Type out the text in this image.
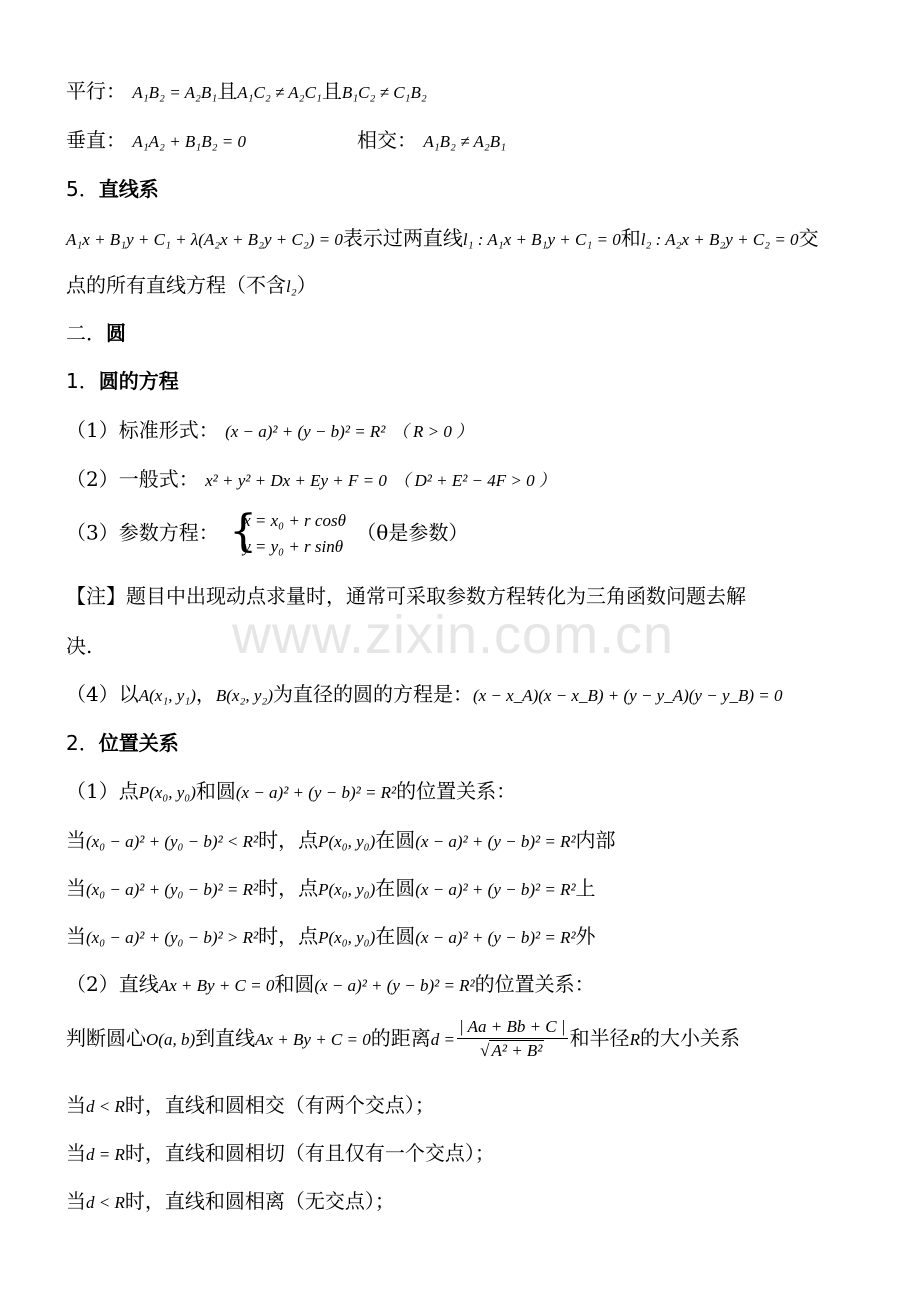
www.zixin.com.cn
平行： A₁B₂ = A₂B₁且A₁C₂ ≠ A₂C₁且B₁C₂ ≠ C₁B₂
垂直： A₁A₂ + B₁B₂ = 0	相交： A₁B₂ ≠ A₂B₁
5．直线系
A₁x + B₁y + C₁ + λ(A₂x + B₂y + C₂) = 0表示过两直线l₁ : A₁x + B₁y + C₁ = 0和l₂ : A₂x + B₂y + C₂ = 0交
点的所有直线方程（不含l₂）
二．圆
1．圆的方程
（1）标准形式： (x − a)² + (y − b)² = R² （ R > 0 ）
（2）一般式： x² + y² + Dx + Ey + F = 0 （ D² + E² − 4F > 0 ）
（3）参数方程： {
x = x₀ + r cosθ
y = y₀ + r sinθ
（θ是参数）
【注】题目中出现动点求量时，通常可采取参数方程转化为三角函数问题去解
决.
（4）以A(x₁, y₁)，B(x₂, y₂)为直径的圆的方程是：(x − x_A)(x − x_B) + (y − y_A)(y − y_B) = 0
2．位置关系
（1）点P(x₀, y₀)和圆(x − a)² + (y − b)² = R²的位置关系：
当(x₀ − a)² + (y₀ − b)² < R²时，点P(x₀, y₀)在圆(x − a)² + (y − b)² = R²内部
当(x₀ − a)² + (y₀ − b)² = R²时，点P(x₀, y₀)在圆(x − a)² + (y − b)² = R²上
当(x₀ − a)² + (y₀ − b)² > R²时，点P(x₀, y₀)在圆(x − a)² + (y − b)² = R²外
（2）直线Ax + By + C = 0和圆(x − a)² + (y − b)² = R²的位置关系：
判断圆心O(a, b)到直线Ax + By + C = 0的距离$d = \frac{| Aa + Bb + C |}{\text{√ A² + B²}}$ 和半径R的大小关系
当d < R时，直线和圆相交（有两个交点）；
当d = R时，直线和圆相切（有且仅有一个交点）；
当d < R时，直线和圆相离（无交点）；
